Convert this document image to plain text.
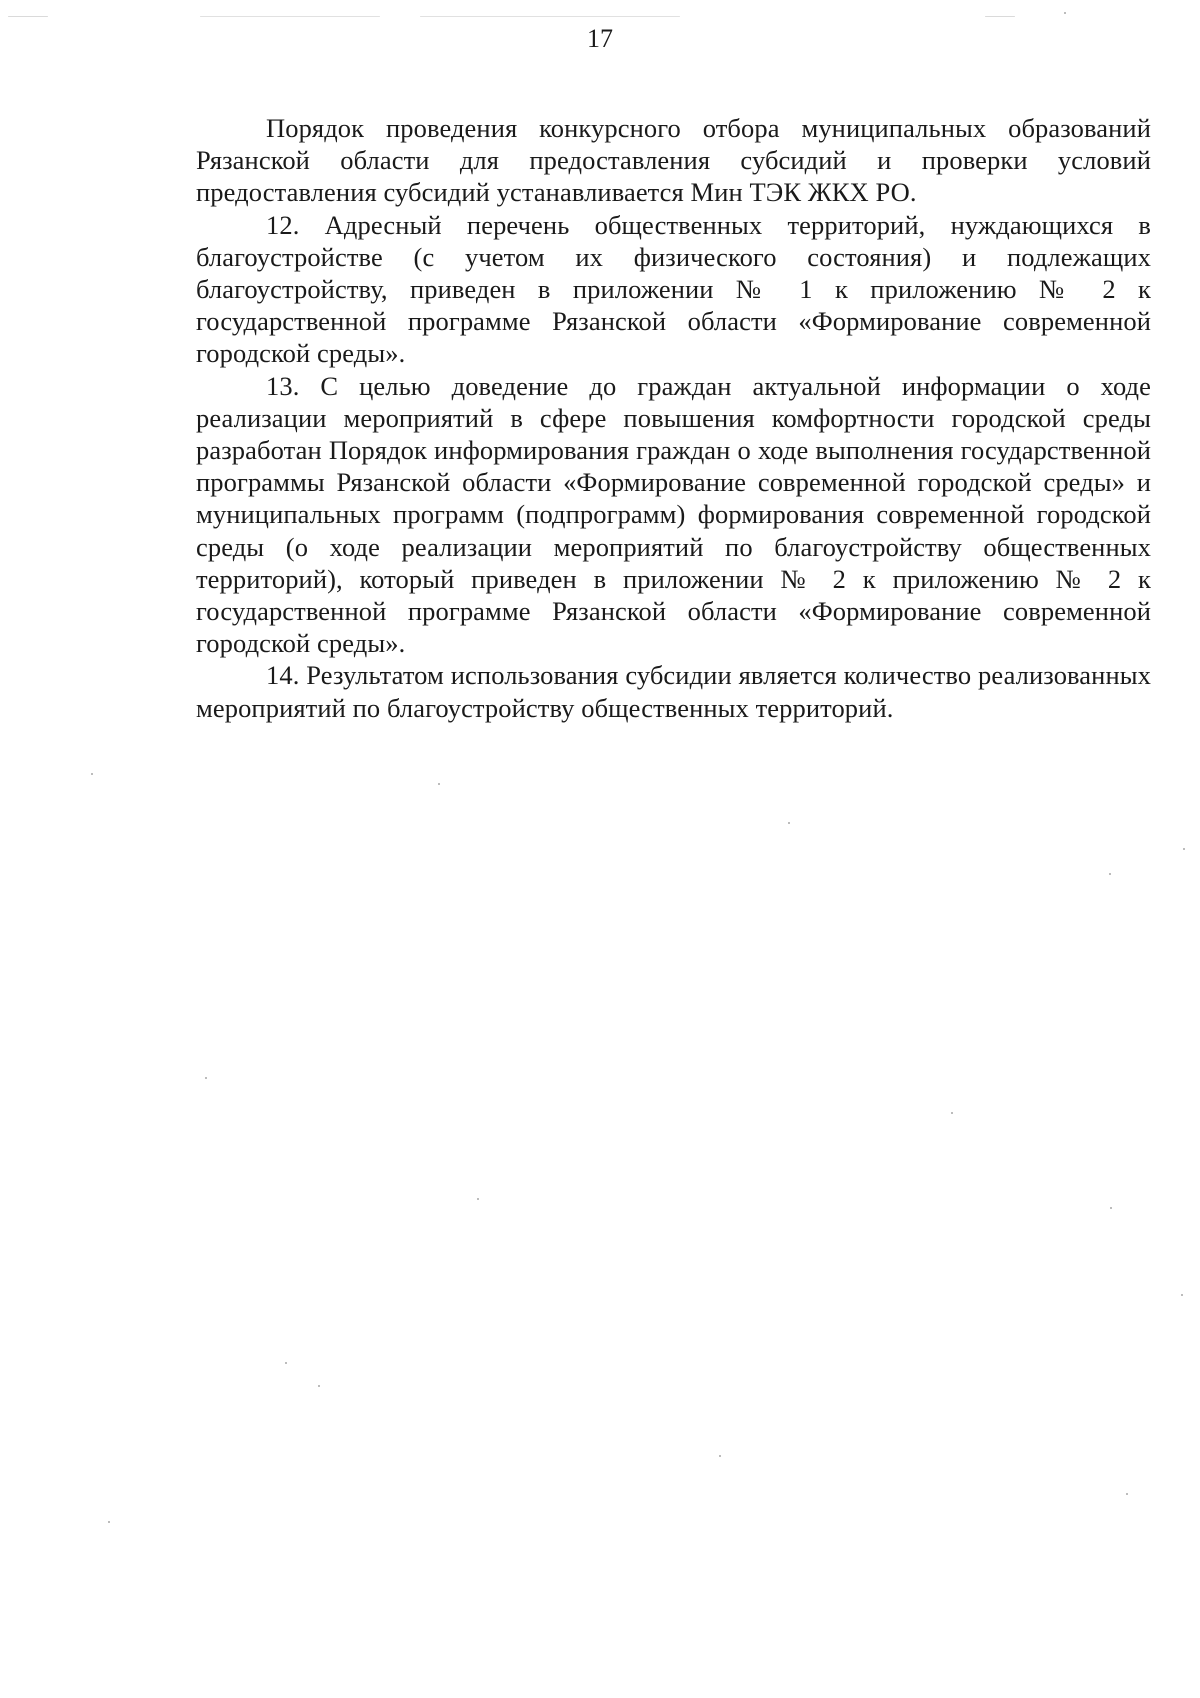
17

Порядок проведения конкурсного отбора муниципальных образований Рязанской области для предоставления субсидий и проверки условий предоставления субсидий устанавливается Мин ТЭК ЖКХ РО.

12. Адресный перечень общественных территорий, нуждающихся в благоустройстве (с учетом их физического состояния) и подлежащих благоустройству, приведен в приложении № 1 к приложению № 2 к государственной программе Рязанской области «Формирование современной городской среды».

13. С целью доведение до граждан актуальной информации о ходе реализации мероприятий в сфере повышения комфортности городской среды разработан Порядок информирования граждан о ходе выполнения государственной программы Рязанской области «Формирование современной городской среды» и муниципальных программ (подпрограмм) формирования современной городской среды (о ходе реализации мероприятий по благоустройству общественных территорий), который приведен в приложении № 2 к приложению № 2 к государственной программе Рязанской области «Формирование современной городской среды».

14. Результатом использования субсидии является количество реализованных мероприятий по благоустройству общественных территорий.
